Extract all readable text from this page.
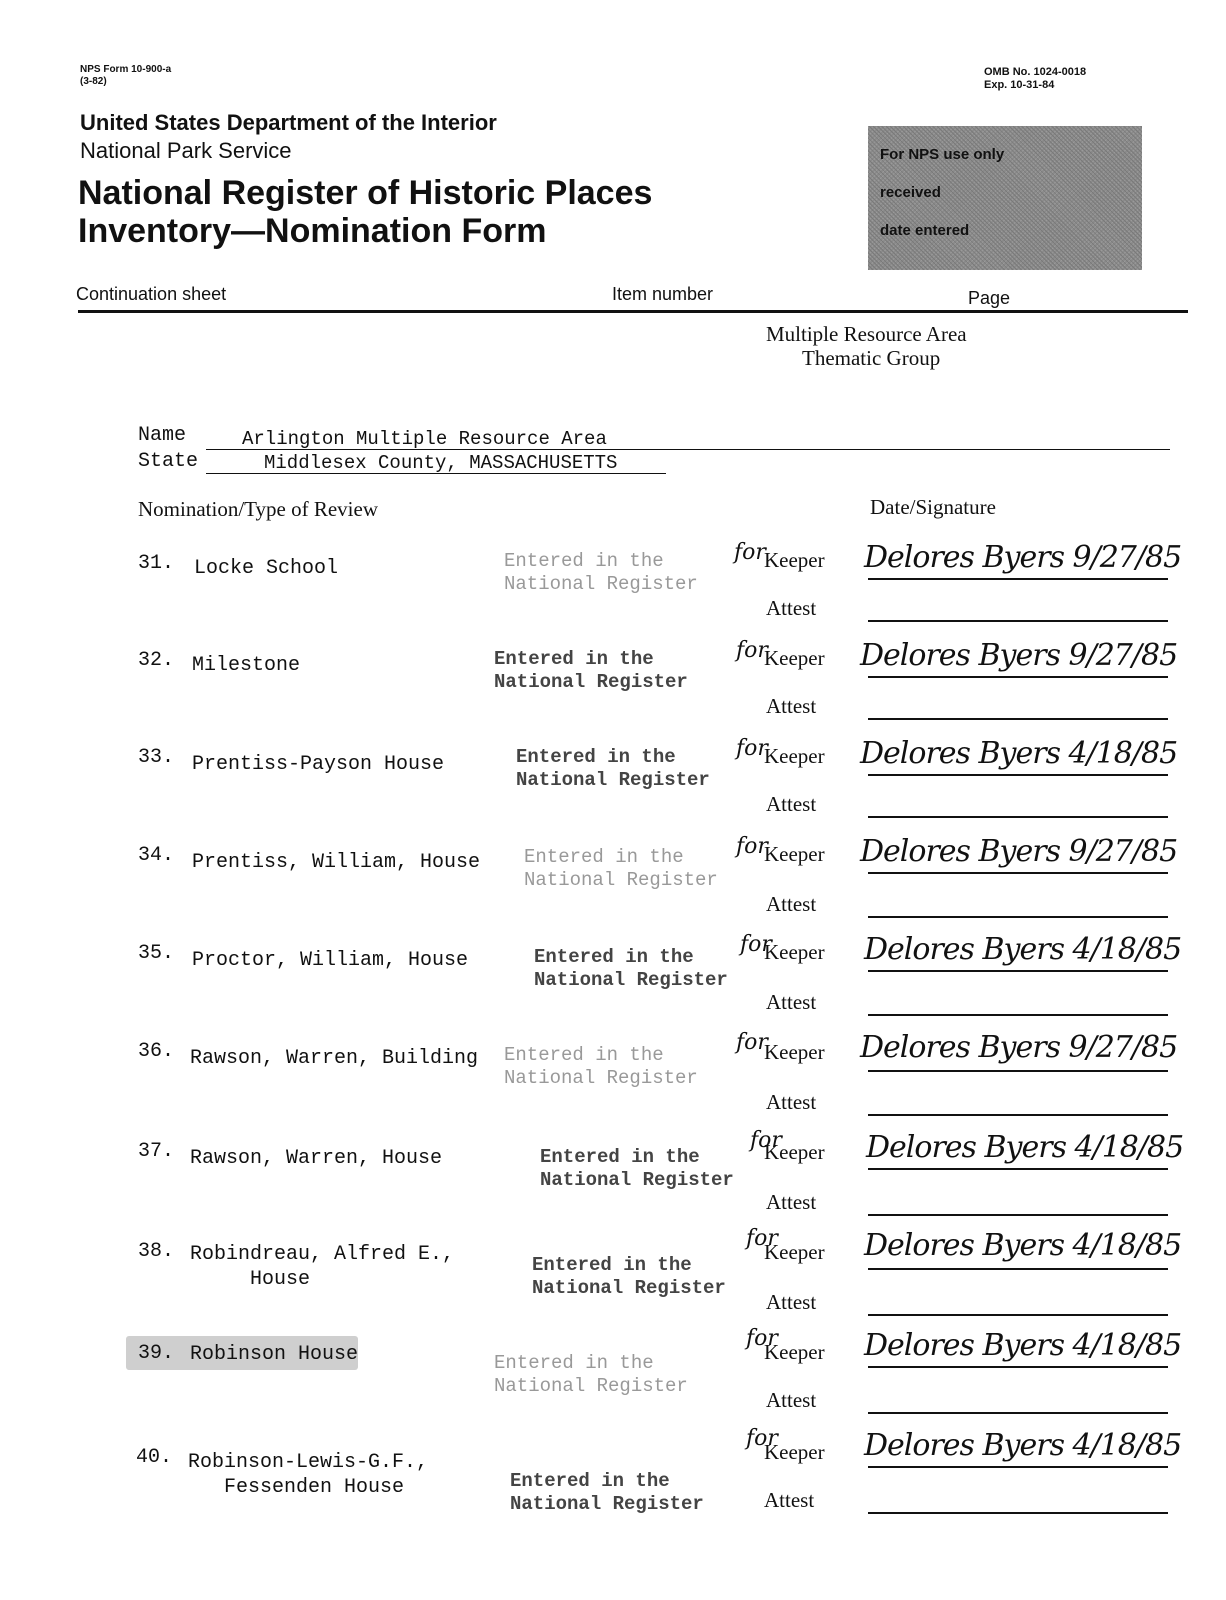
NPS Form 10-900-a
(3-82)
OMB No. 1024-0018
Exp. 10-31-84
United States Department of the Interior
National Park Service
National Register of Historic Places
Inventory—Nomination Form
For NPS use only
received
date entered
Continuation sheet	Item number	Page
Multiple Resource Area
Thematic Group
Name	Arlington Multiple Resource Area
State	Middlesex County, MASSACHUSETTS
Nomination/Type of Review	Date/Signature
31. Locke School	Entered in the
National Register
for
Keeper Delores Byers 9/27/85
Attest
32. Milestone	Entered in the
National Register
for
Keeper Delores Byers 9/27/85
Attest
33. Prentiss-Payson House	Entered in the
National Register
for
Keeper Delores Byers 4/18/85
Attest
34. Prentiss, William, House Entered in the
National Register
for
Keeper Delores Byers 9/27/85
Attest
35. Proctor, William, House	Entered in the
National Register
for
Keeper Delores Byers 4/18/85
Attest
36. Rawson, Warren, Building Entered in the
National Register
for
Keeper Delores Byers 9/27/85
Attest
37. Rawson, Warren, House	Entered in the
National Register
for
Keeper Delores Byers 4/18/85
Attest
38. Robindreau, Alfred E.,
House
Entered in the
National Register
for
Keeper Delores Byers 4/18/85
Attest
39. Robinson House	Entered in the
National Register
for
Keeper Delores Byers 4/18/85
Attest
40. Robinson-Lewis-G.F.,
Fessenden House	Entered in the
National Register
for
Keeper Delores Byers 4/18/85
Attest
